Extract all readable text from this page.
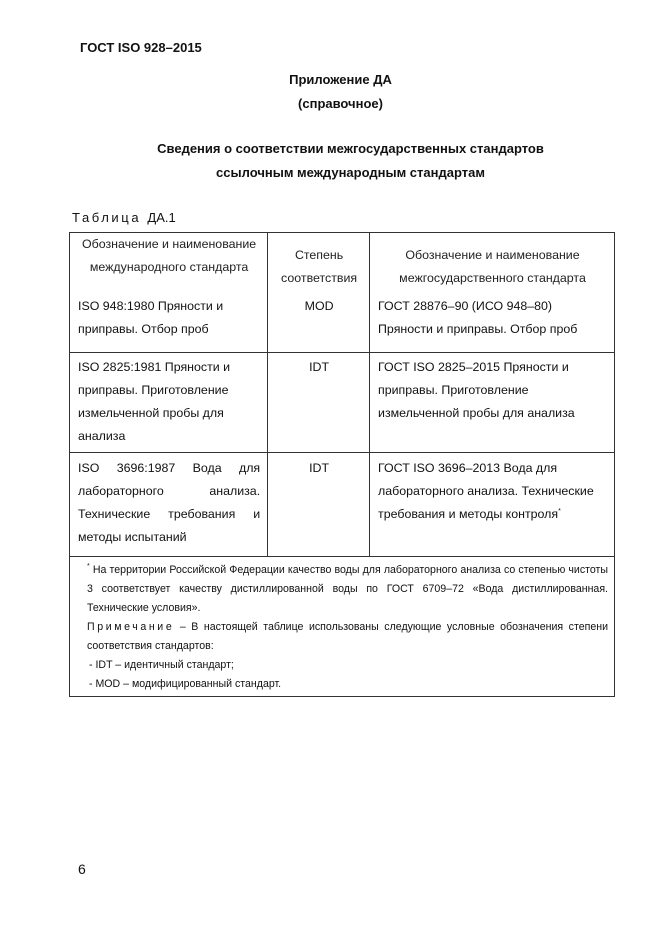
ГОСТ ISO 928–2015
Приложение ДА
(справочное)
Сведения о соответствии межгосударственных стандартов
ссылочным международным стандартам
Таблица ДА.1
Обозначение и наименование международного стандарта	Степень соответствия	Обозначение и наименование межгосударственного стандарта
ISO 948:1980 Пряности и приправы. Отбор проб	MOD	ГОСТ 28876–90 (ИСО 948–80) Пряности и приправы. Отбор проб
ISO 2825:1981 Пряности и приправы. Приготовление измельченной пробы для анализа	IDT	ГОСТ ISO 2825–2015 Пряности и приправы. Приготовление измельченной пробы для анализа

ISO 3696:1987 Вода для
лабораторного анализа.
Технические требования и
методы испытаний	IDT	ГОСТ ISO 3696–2013 Вода для лабораторного анализа. Технические требования и методы контроля*

* На территории Российской Федерации качество воды для лабораторного анализа со степенью чистоты 3 соответствует качеству дистиллированной воды по ГОСТ 6709–72 «Вода дистиллированная. Технические условия».

Примечание – В настоящей таблице использованы следующие условные обозначения степени соответствия стандартов:

- IDT – идентичный стандарт;

- MOD – модифицированный стандарт.		

6
